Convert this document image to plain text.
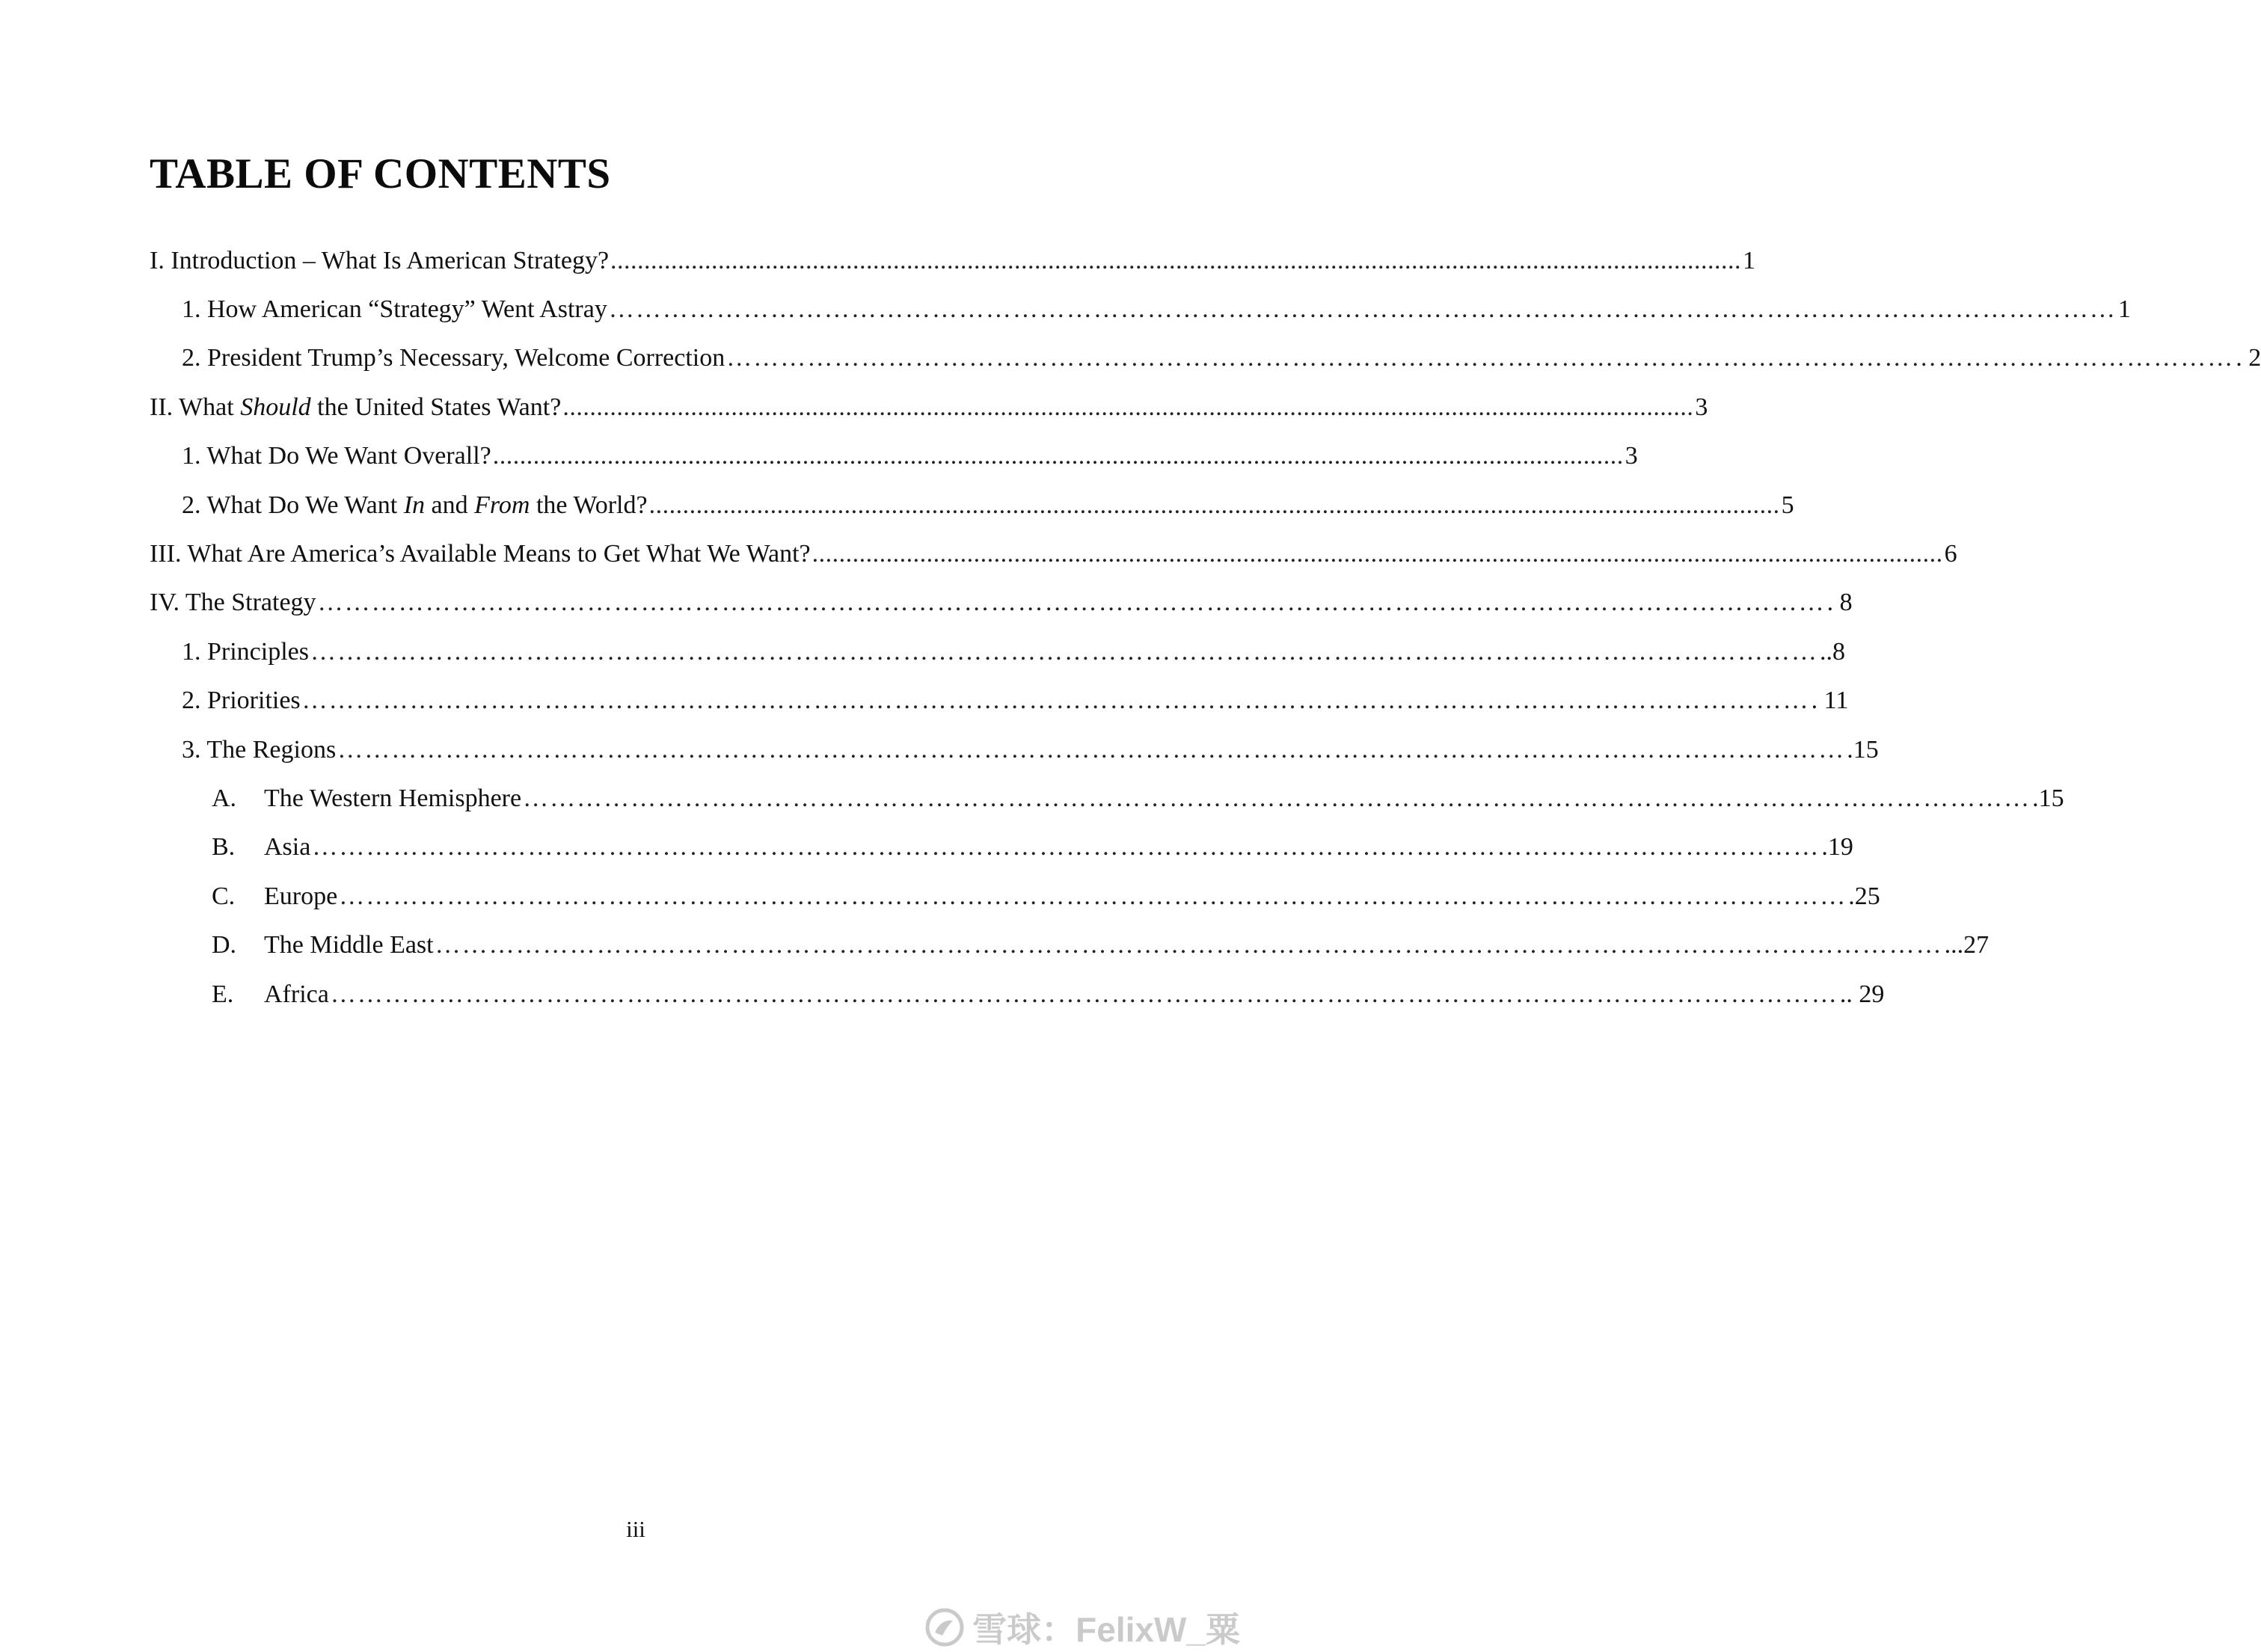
TABLE OF CONTENTS
I. Introduction – What Is American Strategy? ........................................................................................................................................................................ 1
1. How American “Strategy” Went Astray …………………………………………………………………………………………………………………………………………………… 1
2. President Trump’s Necessary, Welcome Correction …………………………………………………………………………………………………………………………………………………… . 2
II. What Should the United States Want? ........................................................................................................................................................................ 3
1. What Do We Want Overall? ........................................................................................................................................................................ 3
2. What Do We Want In and From the World? ........................................................................................................................................................................ 5
III. What Are America’s Available Means to Get What We Want? ........................................................................................................................................................................ 6
IV. The Strategy …………………………………………………………………………………………………………………………………………………… . 8
1. Principles …………………………………………………………………………………………………………………………………………………… ..8
2. Priorities …………………………………………………………………………………………………………………………………………………… . 11
3. The Regions …………………………………………………………………………………………………………………………………………………… .15
A.	The Western Hemisphere …………………………………………………………………………………………………………………………………………………… .15
B.	Asia …………………………………………………………………………………………………………………………………………………… .19
C.	Europe …………………………………………………………………………………………………………………………………………………… .25
D.	The Middle East …………………………………………………………………………………………………………………………………………………… ...27
E.	Africa …………………………………………………………………………………………………………………………………………………… .. 29

iii

雪球：FelixW_粟
